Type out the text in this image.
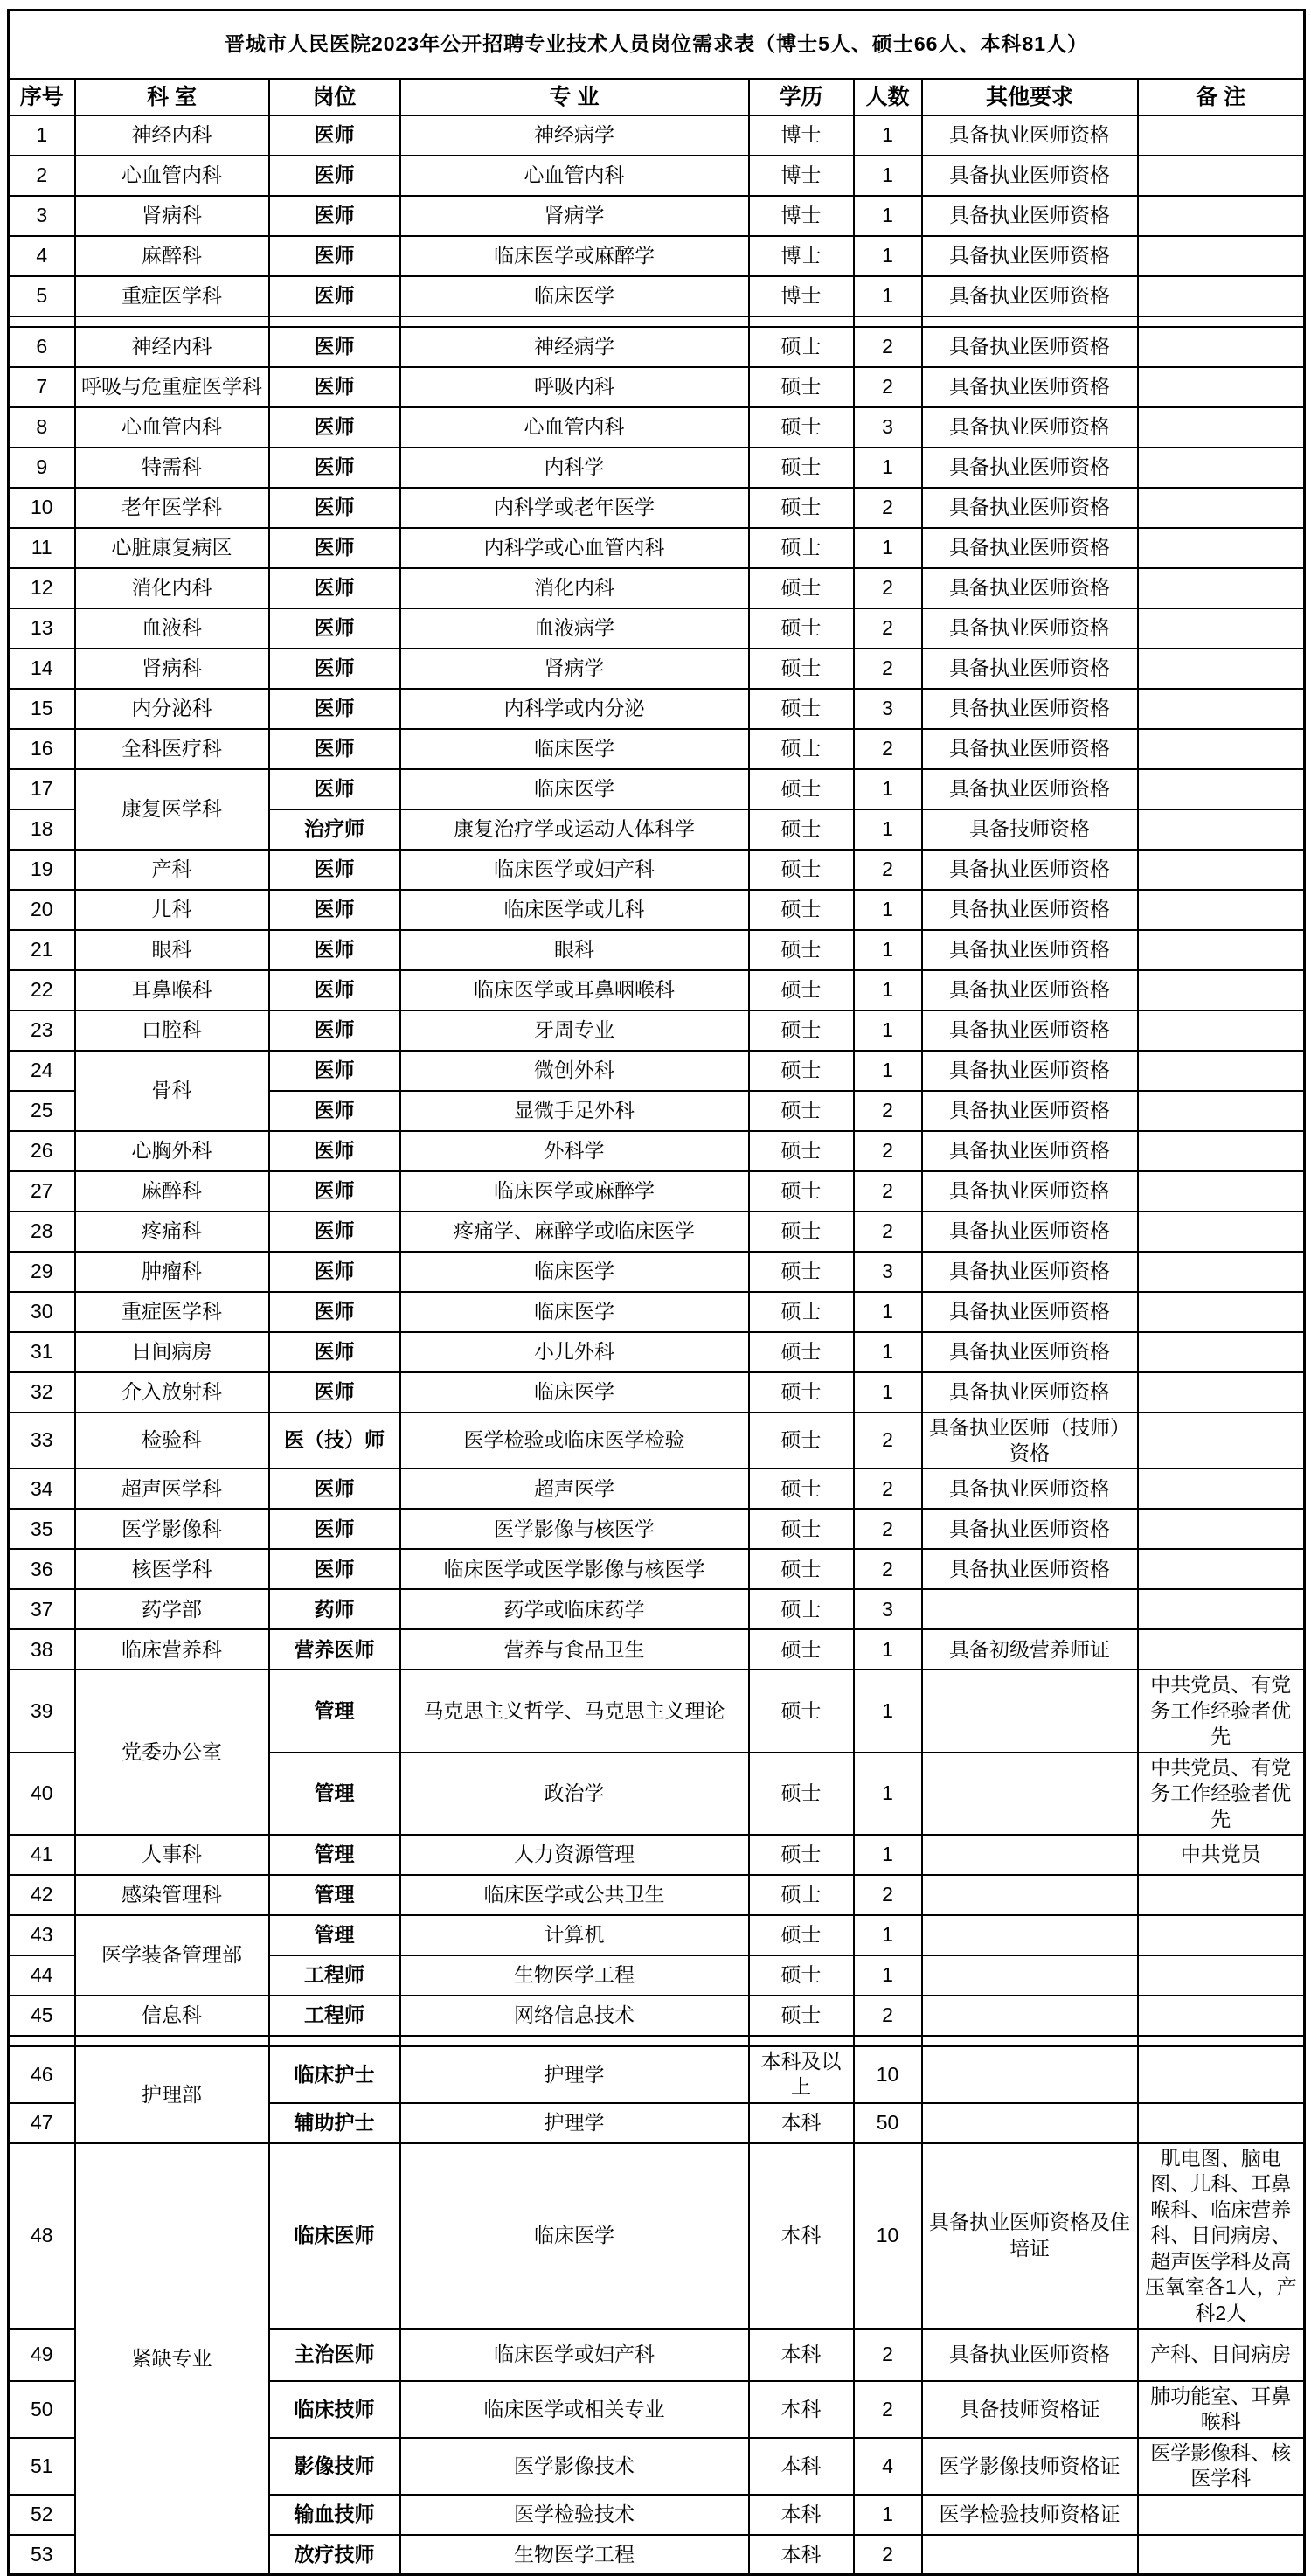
晋城市人民医院2023年公开招聘专业技术人员岗位需求表（博士5人、硕士66人、本科81人）							
序号	科 室	岗位	专 业	学历	人数	其他要求	备 注
1	神经内科	医师	神经病学	博士	1	具备执业医师资格	
2	心血管内科	医师	心血管内科	博士	1	具备执业医师资格	
3	肾病科	医师	肾病学	博士	1	具备执业医师资格	
4	麻醉科	医师	临床医学或麻醉学	博士	1	具备执业医师资格	
5	重症医学科	医师	临床医学	博士	1	具备执业医师资格	

6	神经内科	医师	神经病学	硕士	2	具备执业医师资格	
7	呼吸与危重症医学科	医师	呼吸内科	硕士	2	具备执业医师资格	
8	心血管内科	医师	心血管内科	硕士	3	具备执业医师资格	
9	特需科	医师	内科学	硕士	1	具备执业医师资格	
10	老年医学科	医师	内科学或老年医学	硕士	2	具备执业医师资格	
11	心脏康复病区	医师	内科学或心血管内科	硕士	1	具备执业医师资格	
12	消化内科	医师	消化内科	硕士	2	具备执业医师资格	
13	血液科	医师	血液病学	硕士	2	具备执业医师资格	
14	肾病科	医师	肾病学	硕士	2	具备执业医师资格	
15	内分泌科	医师	内科学或内分泌	硕士	3	具备执业医师资格	
16	全科医疗科	医师	临床医学	硕士	2	具备执业医师资格	
17	康复医学科	医师	临床医学	硕士	1	具备执业医师资格	
18		治疗师	康复治疗学或运动人体科学	硕士	1	具备技师资格	
19	产科	医师	临床医学或妇产科	硕士	2	具备执业医师资格	
20	儿科	医师	临床医学或儿科	硕士	1	具备执业医师资格	
21	眼科	医师	眼科	硕士	1	具备执业医师资格	
22	耳鼻喉科	医师	临床医学或耳鼻咽喉科	硕士	1	具备执业医师资格	
23	口腔科	医师	牙周专业	硕士	1	具备执业医师资格	
24	骨科	医师	微创外科	硕士	1	具备执业医师资格	
25		医师	显微手足外科	硕士	2	具备执业医师资格	
26	心胸外科	医师	外科学	硕士	2	具备执业医师资格	
27	麻醉科	医师	临床医学或麻醉学	硕士	2	具备执业医师资格	
28	疼痛科	医师	疼痛学、麻醉学或临床医学	硕士	2	具备执业医师资格	
29	肿瘤科	医师	临床医学	硕士	3	具备执业医师资格	
30	重症医学科	医师	临床医学	硕士	1	具备执业医师资格	
31	日间病房	医师	小儿外科	硕士	1	具备执业医师资格	
32	介入放射科	医师	临床医学	硕士	1	具备执业医师资格	
33	检验科	医（技）师	医学检验或临床医学检验	硕士	2	具备执业医师（技师）资格	
34	超声医学科	医师	超声医学	硕士	2	具备执业医师资格	
35	医学影像科	医师	医学影像与核医学	硕士	2	具备执业医师资格	
36	核医学科	医师	临床医学或医学影像与核医学	硕士	2	具备执业医师资格	
37	药学部	药师	药学或临床药学	硕士	3		
38	临床营养科	营养医师	营养与食品卫生	硕士	1	具备初级营养师证	
39	党委办公室	管理	马克思主义哲学、马克思主义理论	硕士	1		中共党员、有党务工作经验者优先
40		管理	政治学	硕士	1		中共党员、有党务工作经验者优先
41	人事科	管理	人力资源管理	硕士	1		中共党员
42	感染管理科	管理	临床医学或公共卫生	硕士	2		
43	医学装备管理部	管理	计算机	硕士	1		
44		工程师	生物医学工程	硕士	1		
45	信息科	工程师	网络信息技术	硕士	2		

46	护理部	临床护士	护理学	本科及以上	10		
47		辅助护士	护理学	本科	50		
48	紧缺专业	临床医师	临床医学	本科	10	具备执业医师资格及住培证	肌电图、脑电图、儿科、耳鼻喉科、临床营养科、日间病房、超声医学科及高压氧室各1人，产科2人
49		主治医师	临床医学或妇产科	本科	2	具备执业医师资格	产科、日间病房
50		临床技师	临床医学或相关专业	本科	2	具备技师资格证	肺功能室、耳鼻喉科
51		影像技师	医学影像技术	本科	4	医学影像技师资格证	医学影像科、核医学科
52		输血技师	医学检验技术	本科	1	医学检验技师资格证	
53		放疗技师	生物医学工程	本科	2		
